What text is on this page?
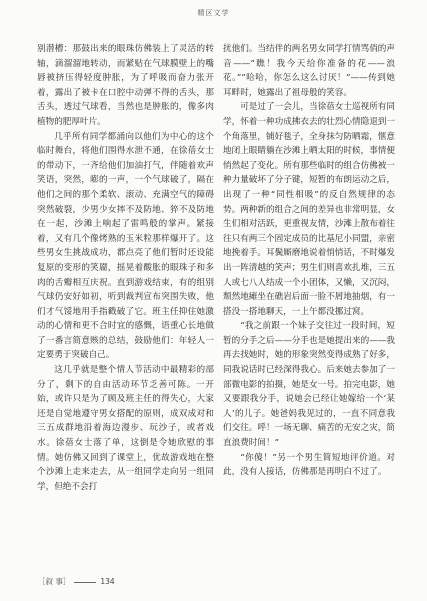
精区文学

别潜槽：那鼓出来的眼珠仿佛装上了灵活的转轴，滴溜溜地转动，而紧贴在气球膜壁上的嘴唇被挤压得轻度肿胀，为了呼吸而奋力张开着，露出了被卡在口腔中动弹不得的舌头，那舌头，透过气球看，当然也是肿胀的，像多肉植物的肥厚叶片。

几乎所有同学都涌向以他们为中心的这个临时舞台，将他们围得水泄不通，在徐蓓女士的带动下，一齐给他们加油打气，伴随着欢声笑语，突然，嘭的一声，一个气球破了，隔在他们之间的那个柔软、滚动、充满空气的障碍突然破裂，少男少女摔不及防地、猝不及防地在一起，沙滩上响起了雷鸣般的掌声。紧接着，又有几个像烤熟的玉米粒那样爆开了。这些男女生挑战成功，都点亮了他们暂时还设能复原的变形的笑靥，摇晃着酸胀的眼珠子和多肉的舌瓣相互庆祝。直到游戏结束，有的组别气球仍安好如初，听到裁判宣布突围失败，他们才气馁地用手指戳破了它。班主任抑住她激动的心情和更不合时宜的感慨，语重心长地做了一番言简意赅的总结，鼓励他们：年轻人一定要勇于突破自己。

这几乎就是整个情人节活动中最精彩的部分了，剩下的自由活动环节乏善可陈。一开始，或许只是为了顾及班主任的得失心，大家还是自觉地遵守男女搭配的原则，成双成对和三五成群地沿着海边漫步、玩沙子，或者戏水。徐蓓女士落了单，这倒是令她欣慰的事情。她仿佛又回到了课堂上，优故游戏地在整个沙滩上走来走去，从一组同学走向另一组同学，但绝不会打

扰他们。当结伴的两名男女同学打情骂俏的声音——“瞧！我今天给你准备的花——浪花。”“哈哈，你怎么这么讨厌！”——传到她耳畔时，她露出了祖母般的笑容。

可是过了一会儿，当徐蓓女士巡视所有同学，怀着一种功成拂衣去的壮烈心情隐退到一个角落里，铺好毯子，全身抹匀防晒霜，惬意地闭上眼睛躺在沙滩上晒太阳的时候，事情便悄然起了变化。所有那些临时的组合仿佛被一种力量破坏了分子键，短暂的布朗运动之后，出现了一种“同性相吸”的反自然规律的态势。两种新的组合之间的差异也非常明显，女生们相对活跃，更重视友情，沙滩上散布着往往只有两三个固定成员的比基尼小同盟，亲密地挽着手。耳鬓厮磨地说着悄悄话，不时爆发出一阵清越的笑声；男生们则喜欢扎堆，三五人或七八人结成一个小团体，又懒，又沉闷，颓然地瘫坐在礁岩后面一脸不屑地抽烟，有一搭没一搭地聊天，一上午都没挪过窝。

“我之前跟一个妹子交往过一段时间，短暂的分手之后——分手也是她提出来的——我再去找她时，她的形象突然变得成熟了好多，同我说话时已经深得我心。后来她去参加了一部微电影的拍摄，她是女一号。拍完电影，她又要跟我分手，说她会已经让她嫁给一个‘某人’的儿子。她爸妈我见过的，一直不同意我们交往。呼！一场无聊、痛苦的无安之灾，简直浪费时间！”

“你傻！”另一个男生简短地评价道。对此，没有人接话，仿佛那是再明白不过了。

［叙 事］	134
